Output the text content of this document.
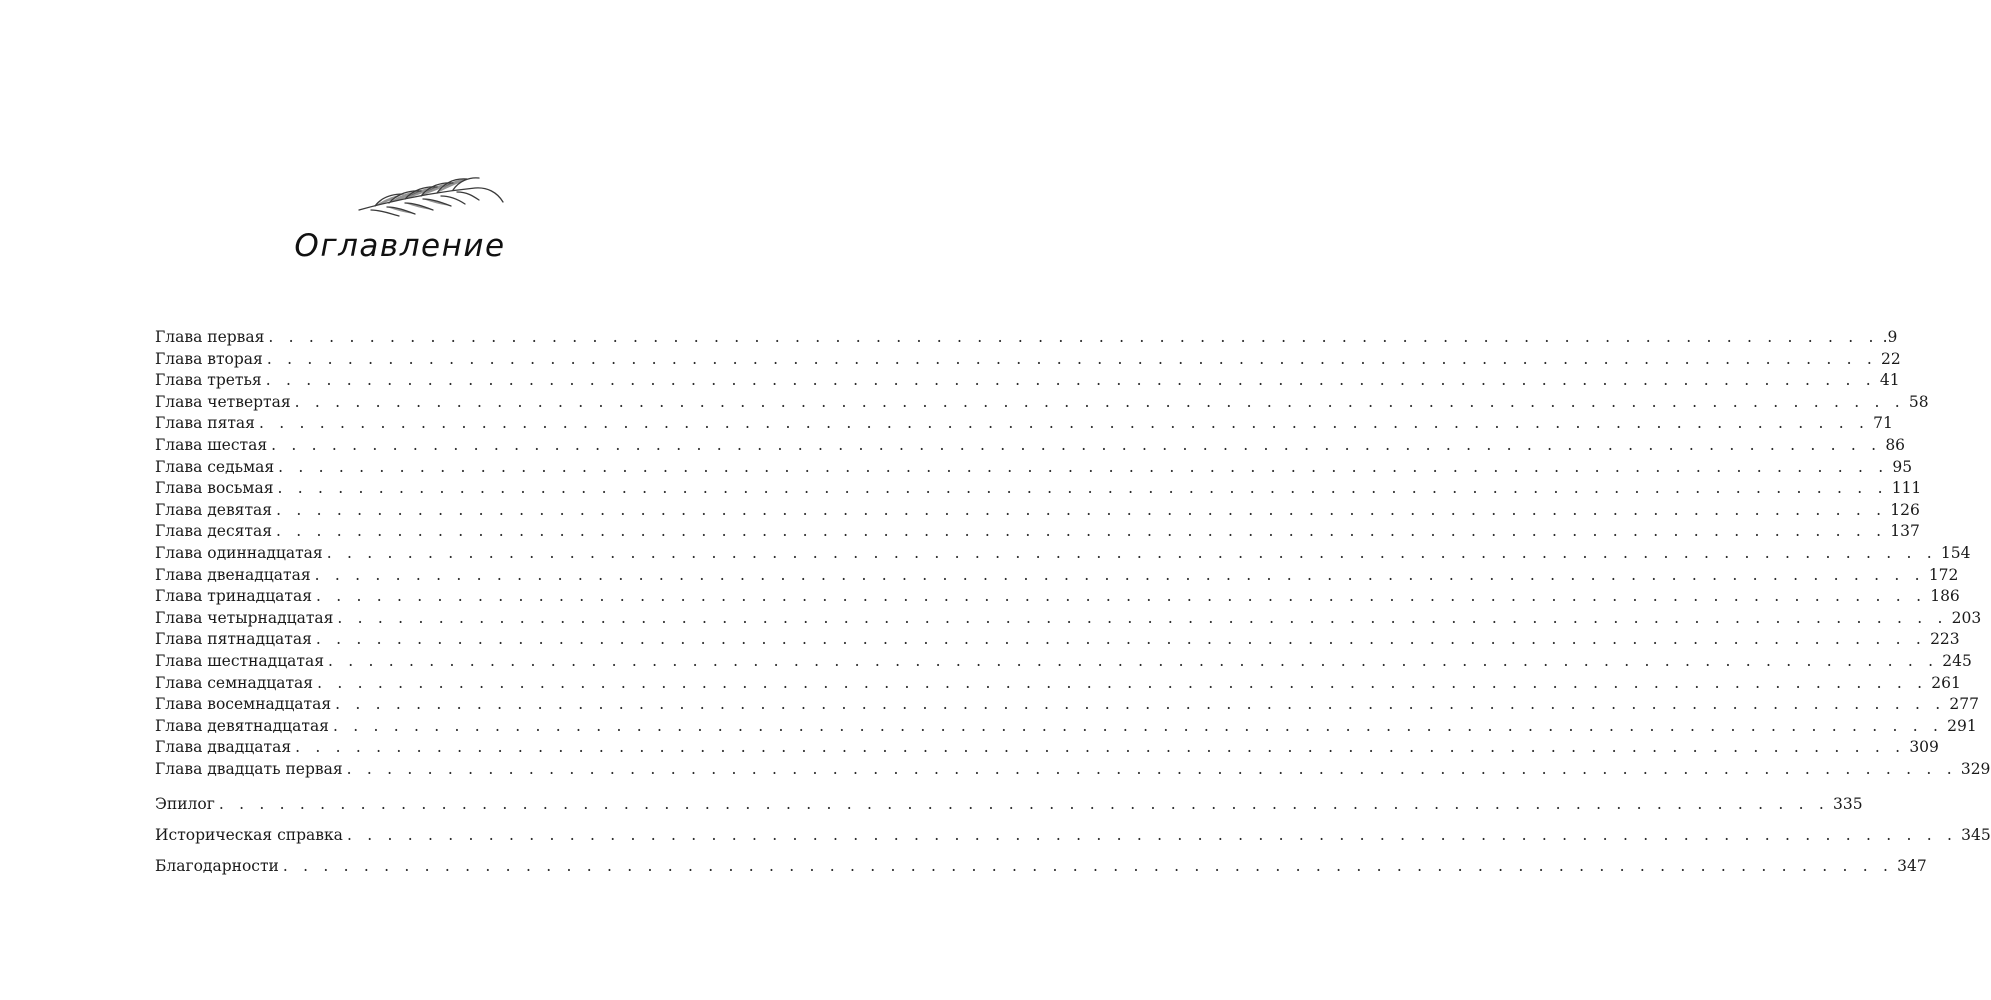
Оглавление
Глава первая . . . . . . . . . . . . . . . . . . . . . . . . . . . . . . . . . . . . . . . . . . . . . . . . . . . . . . . . . . . . . . . . . . . . . . . . . . . . . . . . .9
Глава вторая . . . . . . . . . . . . . . . . . . . . . . . . . . . . . . . . . . . . . . . . . . . . . . . . . . . . . . . . . . . . . . . . . . . . . . . . . . . . . . . . 22
Глава третья . . . . . . . . . . . . . . . . . . . . . . . . . . . . . . . . . . . . . . . . . . . . . . . . . . . . . . . . . . . . . . . . . . . . . . . . . . . . . . . . 41
Глава четвертая . . . . . . . . . . . . . . . . . . . . . . . . . . . . . . . . . . . . . . . . . . . . . . . . . . . . . . . . . . . . . . . . . . . . . . . . . . . . . . . . 58
Глава пятая . . . . . . . . . . . . . . . . . . . . . . . . . . . . . . . . . . . . . . . . . . . . . . . . . . . . . . . . . . . . . . . . . . . . . . . . . . . . . . . . 71
Глава шестая . . . . . . . . . . . . . . . . . . . . . . . . . . . . . . . . . . . . . . . . . . . . . . . . . . . . . . . . . . . . . . . . . . . . . . . . . . . . . . . . 86
Глава седьмая . . . . . . . . . . . . . . . . . . . . . . . . . . . . . . . . . . . . . . . . . . . . . . . . . . . . . . . . . . . . . . . . . . . . . . . . . . . . . . . . 95
Глава восьмая . . . . . . . . . . . . . . . . . . . . . . . . . . . . . . . . . . . . . . . . . . . . . . . . . . . . . . . . . . . . . . . . . . . . . . . . . . . . . . . . 111
Глава девятая . . . . . . . . . . . . . . . . . . . . . . . . . . . . . . . . . . . . . . . . . . . . . . . . . . . . . . . . . . . . . . . . . . . . . . . . . . . . . . . . 126
Глава десятая . . . . . . . . . . . . . . . . . . . . . . . . . . . . . . . . . . . . . . . . . . . . . . . . . . . . . . . . . . . . . . . . . . . . . . . . . . . . . . . . 137
Глава одиннадцатая . . . . . . . . . . . . . . . . . . . . . . . . . . . . . . . . . . . . . . . . . . . . . . . . . . . . . . . . . . . . . . . . . . . . . . . . . . . . . . . . 154
Глава двенадцатая . . . . . . . . . . . . . . . . . . . . . . . . . . . . . . . . . . . . . . . . . . . . . . . . . . . . . . . . . . . . . . . . . . . . . . . . . . . . . . . . 172
Глава тринадцатая . . . . . . . . . . . . . . . . . . . . . . . . . . . . . . . . . . . . . . . . . . . . . . . . . . . . . . . . . . . . . . . . . . . . . . . . . . . . . . . . 186
Глава четырнадцатая . . . . . . . . . . . . . . . . . . . . . . . . . . . . . . . . . . . . . . . . . . . . . . . . . . . . . . . . . . . . . . . . . . . . . . . . . . . . . . . . 203
Глава пятнадцатая . . . . . . . . . . . . . . . . . . . . . . . . . . . . . . . . . . . . . . . . . . . . . . . . . . . . . . . . . . . . . . . . . . . . . . . . . . . . . . . . 223
Глава шестнадцатая . . . . . . . . . . . . . . . . . . . . . . . . . . . . . . . . . . . . . . . . . . . . . . . . . . . . . . . . . . . . . . . . . . . . . . . . . . . . . . . . 245
Глава семнадцатая . . . . . . . . . . . . . . . . . . . . . . . . . . . . . . . . . . . . . . . . . . . . . . . . . . . . . . . . . . . . . . . . . . . . . . . . . . . . . . . . 261
Глава восемнадцатая . . . . . . . . . . . . . . . . . . . . . . . . . . . . . . . . . . . . . . . . . . . . . . . . . . . . . . . . . . . . . . . . . . . . . . . . . . . . . . . . 277
Глава девятнадцатая . . . . . . . . . . . . . . . . . . . . . . . . . . . . . . . . . . . . . . . . . . . . . . . . . . . . . . . . . . . . . . . . . . . . . . . . . . . . . . . . 291
Глава двадцатая . . . . . . . . . . . . . . . . . . . . . . . . . . . . . . . . . . . . . . . . . . . . . . . . . . . . . . . . . . . . . . . . . . . . . . . . . . . . . . . . 309
Глава двадцать первая . . . . . . . . . . . . . . . . . . . . . . . . . . . . . . . . . . . . . . . . . . . . . . . . . . . . . . . . . . . . . . . . . . . . . . . . . . . . . . . . 329
Эпилог . . . . . . . . . . . . . . . . . . . . . . . . . . . . . . . . . . . . . . . . . . . . . . . . . . . . . . . . . . . . . . . . . . . . . . . . . . . . . . . . 335
Историческая справка . . . . . . . . . . . . . . . . . . . . . . . . . . . . . . . . . . . . . . . . . . . . . . . . . . . . . . . . . . . . . . . . . . . . . . . . . . . . . . . . 345
Благодарности . . . . . . . . . . . . . . . . . . . . . . . . . . . . . . . . . . . . . . . . . . . . . . . . . . . . . . . . . . . . . . . . . . . . . . . . . . . . . . . . 347
